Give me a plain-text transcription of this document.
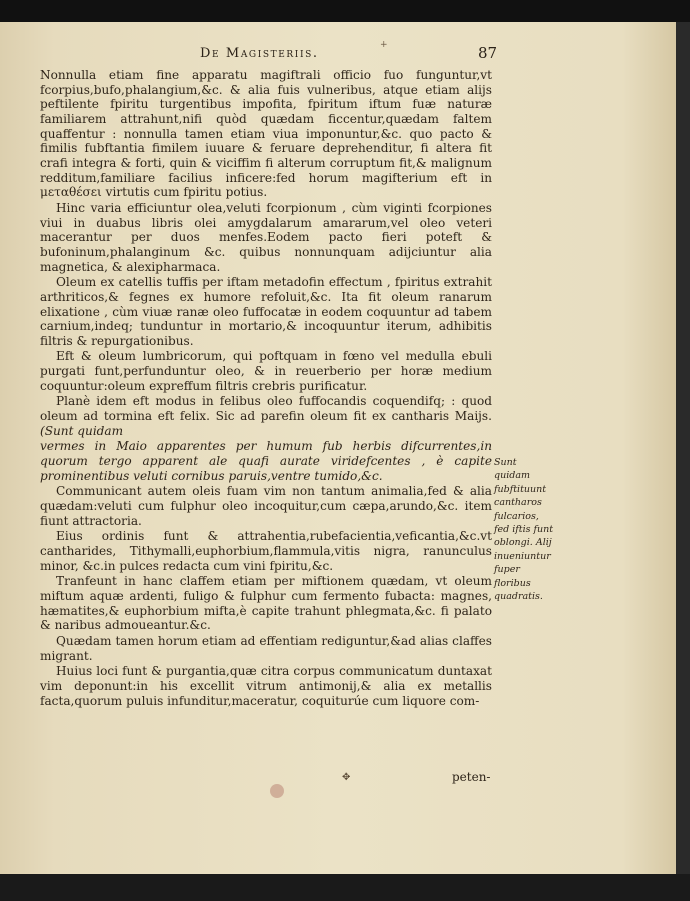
De Magisteriis.
+	87

Nonnulla etiam fine apparatu magiftrali officio fuo funguntur,vt fcorpius,bufo,phalangium,&c. & alia fuis vulneribus, atque etiam alijs peftilente fpiritu turgentibus impofita, fpiritum iftum fuæ naturæ familiarem attrahunt,nifi quòd quædam ficcentur,quædam faltem quaffentur : nonnulla tamen etiam viua imponuntur,&c. quo pacto & fimilis fubftantia fimilem iuuare & feruare deprehenditur, fi altera fit crafi integra & forti, quin & viciffim fi alterum corruptum fit,& malignum redditum,familiare facilius inficere:fed horum magifterium eft in μεταθέσει virtutis cum fpiritu potius.

Hinc varia efficiuntur olea,veluti fcorpionum , cùm viginti fcorpiones viui in duabus libris olei amygdalarum amararum,vel oleo veteri macerantur per duos menfes.Eodem pacto fieri poteft & bufoninum,phalanginum &c. quibus nonnunquam adijciuntur alia magnetica, & alexipharmaca.

Oleum ex catellis tuffis per iftam metadofin effectum , fpiritus extrahit arthriticos,& fegnes ex humore refoluit,&c. Ita fit oleum ranarum elixatione , cùm viuæ ranæ oleo fuffocatæ in eodem coquuntur ad tabem carnium,indeq; tunduntur in mortario,& incoquuntur iterum, adhibitis filtris & repurgationibus.

Eft & oleum lumbricorum, qui poftquam in fœno vel medulla ebuli purgati funt,perfunduntur oleo, & in reuerberio per horæ medium coquuntur:oleum expreffum filtris crebris purificatur.

Planè idem eft modus in felibus oleo fuffocandis coquendifq; : quod oleum ad tormina eft felix. Sic ad parefin oleum fit ex cantharis Maijs. (Sunt quidam

vermes in Maio apparentes per humum fub herbis difcurrentes,in quorum tergo apparent ale quafi aurate viridefcentes , è capite prominentibus veluti cornibus paruis,ventre tumido,&c.

Communicant autem oleis fuam vim non tantum animalia,fed & alia quædam:veluti cum fulphur oleo incoquitur,cum cæpa,arundo,&c. item fiunt attractoria.

Eius ordinis funt & attrahentia,rubefacientia,veficantia,&c.vt cantharides, Tithymalli,euphorbium,flammula,vitis nigra, ranunculus minor, &c.in pulces redacta cum vini fpiritu,&c.

Tranfeunt in hanc claffem etiam per miftionem quædam, vt oleum miftum aquæ ardenti, fuligo & fulphur cum fermento fubacta: magnes, hæmatites,& euphorbium mifta,è capite trahunt phlegmata,&c. fi palato & naribus admoueantur.&c.

Quædam tamen horum etiam ad effentiam rediguntur,&ad alias claffes migrant.

Huius loci funt & purgantia,quæ citra corpus communicatum duntaxat vim deponunt:in his excellit vitrum antimonij,& alia ex metallis facta,quorum puluis infunditur,maceratur, coquiturúe cum liquore com-

Sunt quidam fubftituunt cantharos fulcarios, fed iftis funt oblongi. Alij inueniuntur fuper floribus quadratis.
✥	peten-
